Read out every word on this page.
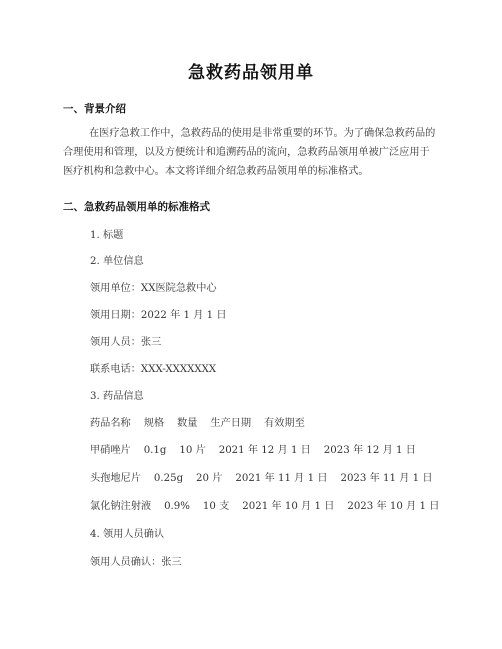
急救药品领用单
一、背景介绍
在医疗急救工作中，急救药品的使用是非常重要的环节。为了确保急救药品的合理使用和管理，以及方便统计和追溯药品的流向，急救药品领用单被广泛应用于医疗机构和急救中心。本文将详细介绍急救药品领用单的标准格式。
二、急救药品领用单的标准格式
1. 标题
2. 单位信息
领用单位：XX医院急救中心
领用日期：2022 年 1 月 1 日
领用人员：张三
联系电话：XXX-XXXXXXX
3. 药品信息
药品名称    规格    数量    生产日期    有效期至
甲硝唑片    0.1g    10 片    2021 年 12 月 1 日    2023 年 12 月 1 日
头孢地尼片    0.25g    20 片    2021 年 11 月 1 日    2023 年 11 月 1 日
氯化钠注射液    0.9%    10 支    2021 年 10 月 1 日    2023 年 10 月 1 日
4. 领用人员确认
领用人员确认：张三
